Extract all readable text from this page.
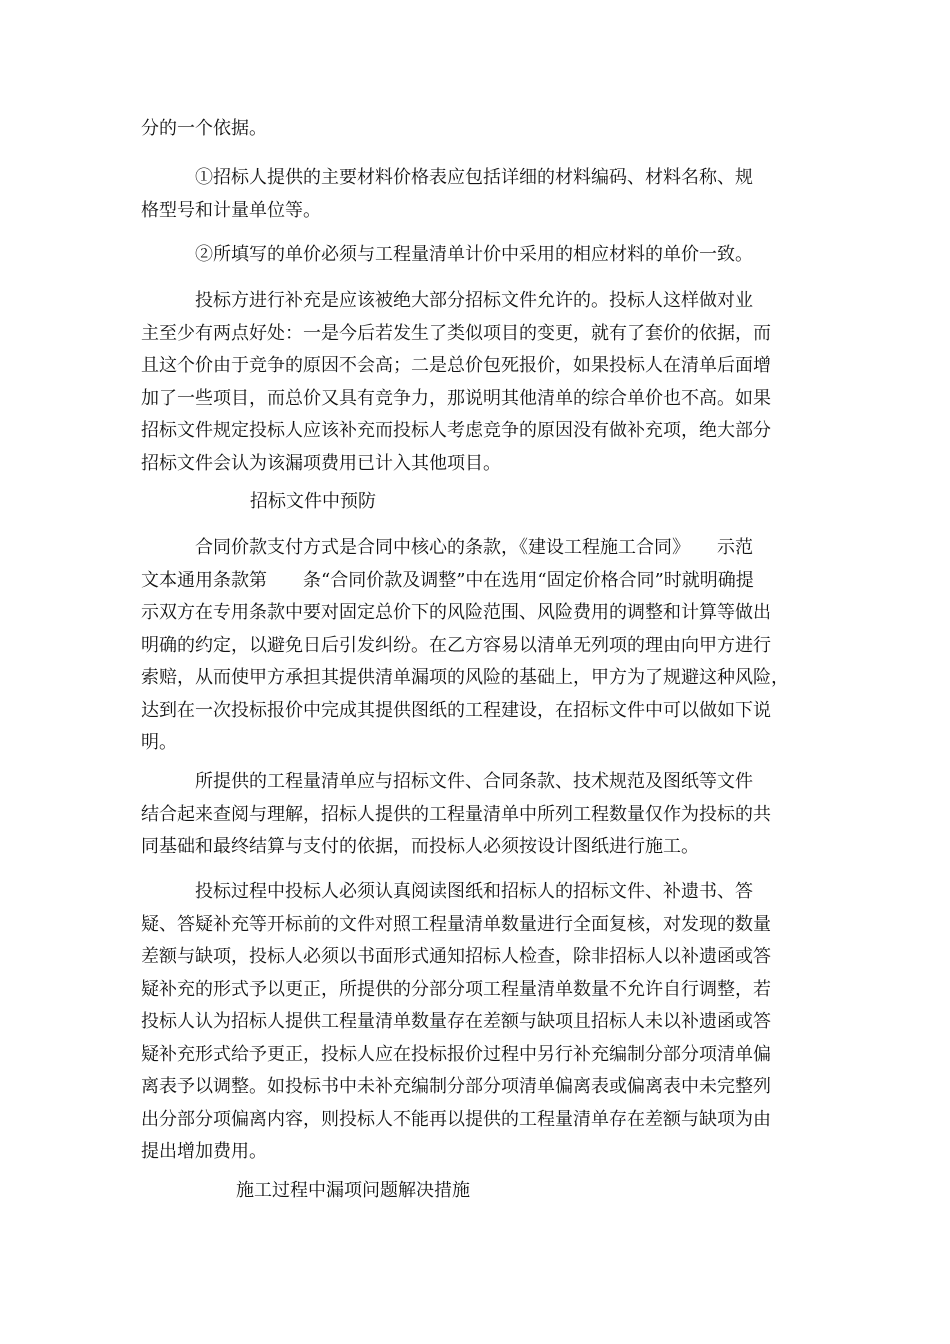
分的一个依据。
　　　①招标人提供的主要材料价格表应包括详细的材料编码、材料名称、规
格型号和计量单位等。
　　　②所填写的单价必须与工程量清单计价中采用的相应材料的单价一致。
　　　投标方进行补充是应该被绝大部分招标文件允许的。投标人这样做对业
主至少有两点好处：一是今后若发生了类似项目的变更，就有了套价的依据，而
且这个价由于竞争的原因不会高；二是总价包死报价，如果投标人在清单后面增
加了一些项目，而总价又具有竞争力，那说明其他清单的综合单价也不高。如果
招标文件规定投标人应该补充而投标人考虑竞争的原因没有做补充项，绝大部分
招标文件会认为该漏项费用已计入其他项目。
招标文件中预防
　　　合同价款支付方式是合同中核心的条款，《建设工程施工合同》　　示范
文本通用条款第　　条“合同价款及调整”中在选用“固定价格合同”时就明确提
示双方在专用条款中要对固定总价下的风险范围、风险费用的调整和计算等做出
明确的约定，以避免日后引发纠纷。在乙方容易以清单无列项的理由向甲方进行
索赔，从而使甲方承担其提供清单漏项的风险的基础上，甲方为了规避这种风险，
达到在一次投标报价中完成其提供图纸的工程建设，在招标文件中可以做如下说
明。
　　　所提供的工程量清单应与招标文件、合同条款、技术规范及图纸等文件
结合起来查阅与理解，招标人提供的工程量清单中所列工程数量仅作为投标的共
同基础和最终结算与支付的依据，而投标人必须按设计图纸进行施工。
　　　投标过程中投标人必须认真阅读图纸和招标人的招标文件、补遗书、答
疑、答疑补充等开标前的文件对照工程量清单数量进行全面复核，对发现的数量
差额与缺项，投标人必须以书面形式通知招标人检查，除非招标人以补遗函或答
疑补充的形式予以更正，所提供的分部分项工程量清单数量不允许自行调整，若
投标人认为招标人提供工程量清单数量存在差额与缺项且招标人未以补遗函或答
疑补充形式给予更正，投标人应在投标报价过程中另行补充编制分部分项清单偏
离表予以调整。如投标书中未补充编制分部分项清单偏离表或偏离表中未完整列
出分部分项偏离内容，则投标人不能再以提供的工程量清单存在差额与缺项为由
提出增加费用。
施工过程中漏项问题解决措施
